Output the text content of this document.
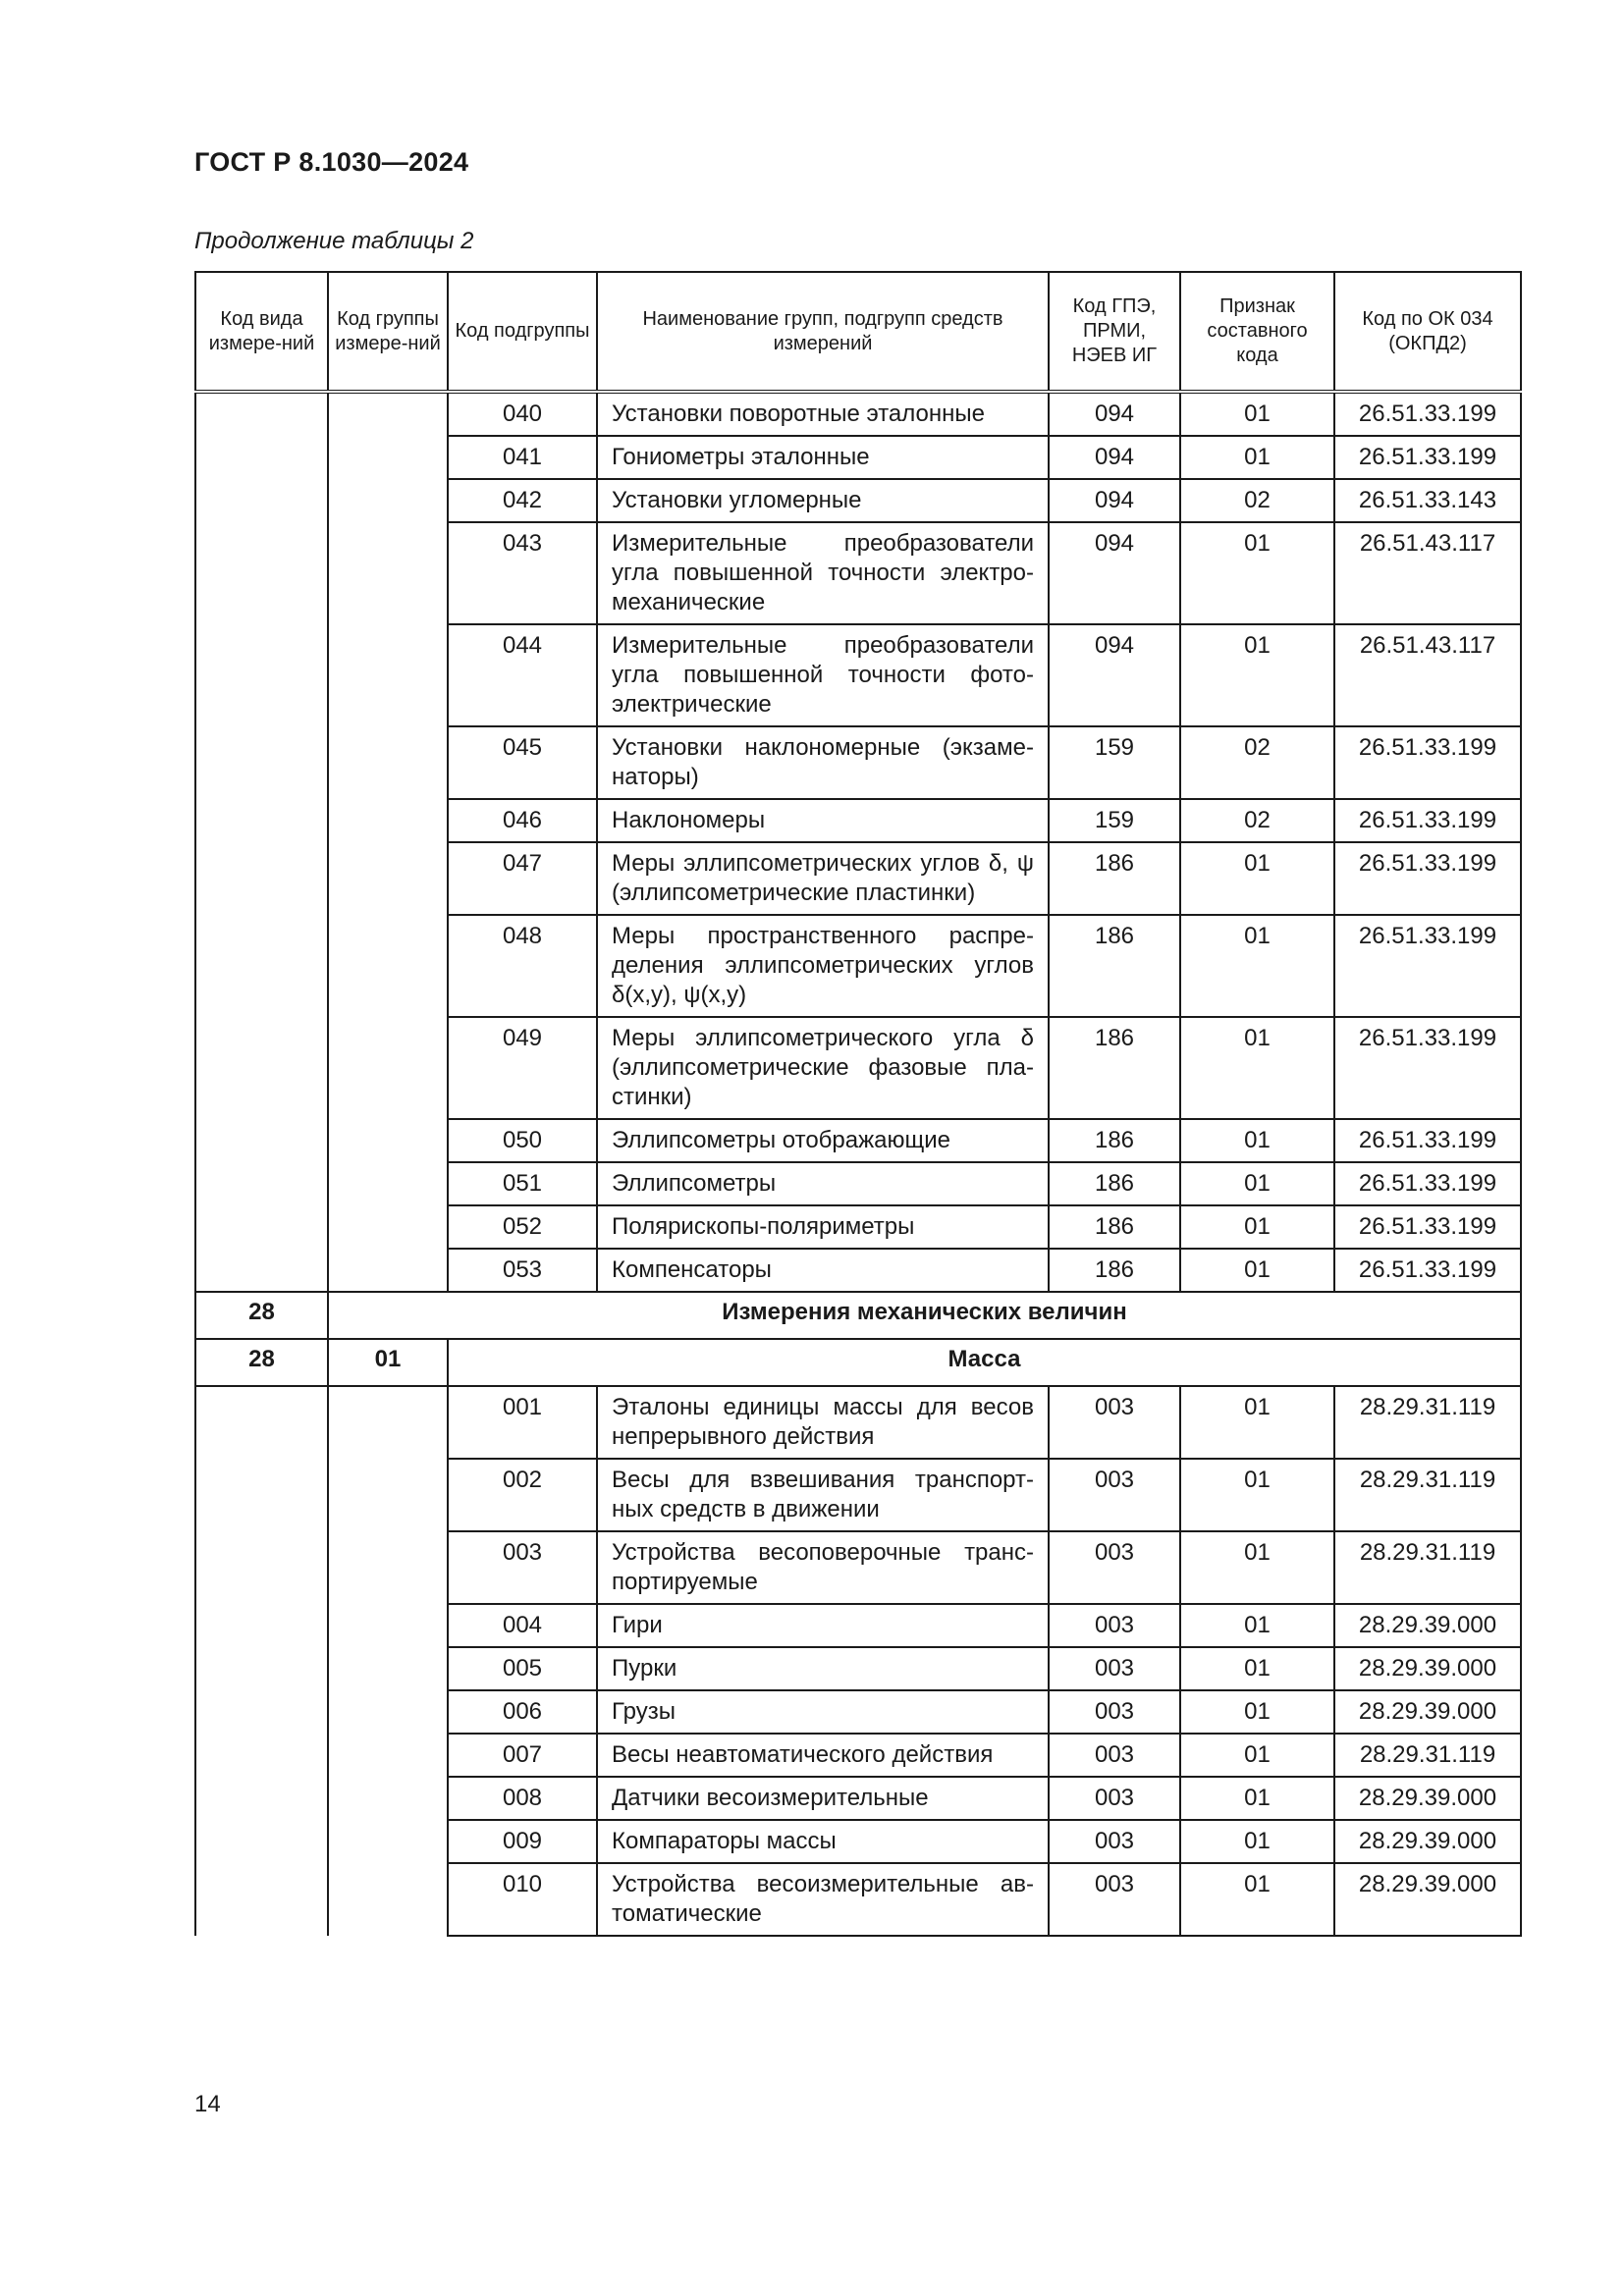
ГОСТ Р 8.1030—2024
Продолжение таблицы 2
Код вида измере-ний	Код группы измере-ний	Код подгруппы	Наименование групп, подгрупп средств измерений	Код ГПЭ, ПРМИ, НЭЕВ ИГ	Признак составного кода	Код по ОК 034 (ОКПД2)
		040	Установки поворотные эталонные	094	01	26.51.33.199
		041	Гониометры эталонные	094	01	26.51.33.199
		042	Установки угломерные	094	02	26.51.33.143
		043	Измерительные преобразователи угла повышенной точности электро-механические	094	01	26.51.43.117
		044	Измерительные преобразователи угла повышенной точности фото-электрические	094	01	26.51.43.117
		045	Установки наклономерные (экзаме-наторы)	159	02	26.51.33.199
		046	Наклономеры	159	02	26.51.33.199
		047	Меры эллипсометрических углов δ, ψ (эллипсометрические пластинки)	186	01	26.51.33.199
		048	Меры пространственного распре-деления эллипсометрических углов δ(x,y), ψ(x,y)	186	01	26.51.33.199
		049	Меры эллипсометрического угла δ (эллипсометрические фазовые пла-стинки)	186	01	26.51.33.199
		050	Эллипсометры отображающие	186	01	26.51.33.199
		051	Эллипсометры	186	01	26.51.33.199
		052	Полярископы-поляриметры	186	01	26.51.33.199
		053	Компенсаторы	186	01	26.51.33.199
28	Измерения механических величин					
28	01	Масса				
		001	Эталоны единицы массы для весов непрерывного действия	003	01	28.29.31.119
		002	Весы для взвешивания транспорт-ных средств в движении	003	01	28.29.31.119
		003	Устройства весоповерочные транс-портируемые	003	01	28.29.31.119
		004	Гири	003	01	28.29.39.000
		005	Пурки	003	01	28.29.39.000
		006	Грузы	003	01	28.29.39.000
		007	Весы неавтоматического действия	003	01	28.29.31.119
		008	Датчики весоизмерительные	003	01	28.29.39.000
		009	Компараторы массы	003	01	28.29.39.000
		010	Устройства весоизмерительные ав-томатические	003	01	28.29.39.000
14
